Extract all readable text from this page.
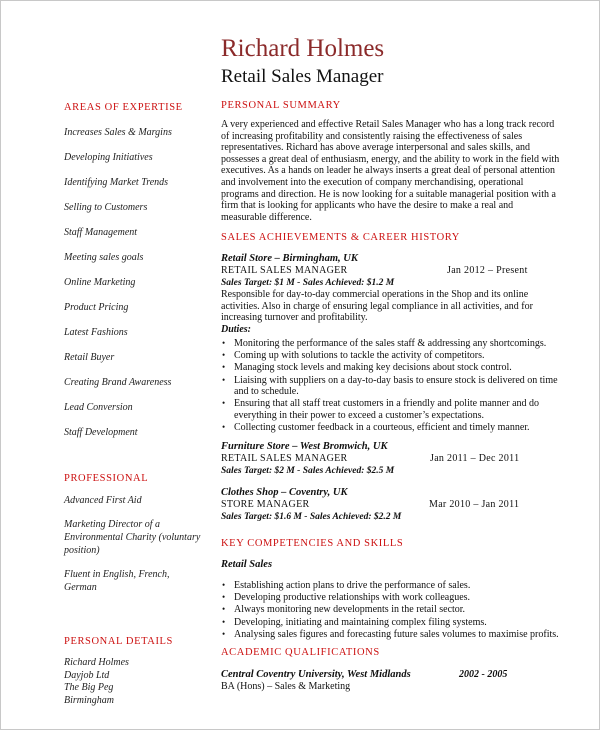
Richard Holmes
Retail Sales Manager
AREAS OF EXPERTISE
Increases Sales & Margins
Developing Initiatives
Identifying Market Trends
Selling to Customers
Staff Management
Meeting sales goals
Online Marketing
Product Pricing
Latest Fashions
Retail Buyer
Creating Brand Awareness
Lead Conversion
Staff Development
PROFESSIONAL
Advanced First Aid
Marketing Director of a Environmental Charity (voluntary position)
Fluent in English, French, German
PERSONAL DETAILS
Richard Holmes
Dayjob Ltd
The Big Peg
Birmingham
PERSONAL SUMMARY

A very experienced and effective Retail Sales Manager who has a long track record of increasing profitability and consistently raising the effectiveness of sales representatives. Richard has above average interpersonal and sales skills, and possesses a great deal of enthusiasm, energy, and the ability to work in the field with executives. As a hands on leader he always inserts a great deal of personal attention and involvement into the execution of company merchandising, operational programs and direction. He is now looking for a suitable managerial position with a firm that is looking for applicants who have the desire to make a real and measurable difference.

SALES ACHIEVEMENTS & CAREER HISTORY
Retail Store – Birmingham, UK
RETAIL SALES MANAGER	Jan 2012 – Present
Sales Target: $1 M - Sales Achieved: $1.2 M

Responsible for day-to-day commercial operations in the Shop and its online activities. Also in charge of ensuring legal compliance in all activities, and for increasing turnover and profitability.

Duties:
• Monitoring the performance of the sales staff & addressing any shortcomings.
• Coming up with solutions to tackle the activity of competitors.
• Managing stock levels and making key decisions about stock control.
• Liaising with suppliers on a day-to-day basis to ensure stock is delivered on time and to schedule.
• Ensuring that all staff treat customers in a friendly and polite manner and do everything in their power to exceed a customer’s expectations.
• Collecting customer feedback in a courteous, efficient and timely manner.
Furniture Store – West Bromwich, UK
RETAIL SALES MANAGER	Jan 2011 – Dec 2011
Sales Target: $2 M - Sales Achieved: $2.5 M
Clothes Shop – Coventry, UK
STORE MANAGER	Mar 2010 – Jan 2011
Sales Target: $1.6 M - Sales Achieved: $2.2 M
KEY COMPETENCIES AND SKILLS
Retail Sales
• Establishing action plans to drive the performance of sales.
• Developing productive relationships with work colleagues.
• Always monitoring new developments in the retail sector.
• Developing, initiating and maintaining complex filing systems.
• Analysing sales figures and forecasting future sales volumes to maximise profits.
ACADEMIC QUALIFICATIONS
Central Coventry University, West Midlands	2002 - 2005
BA (Hons) – Sales & Marketing
